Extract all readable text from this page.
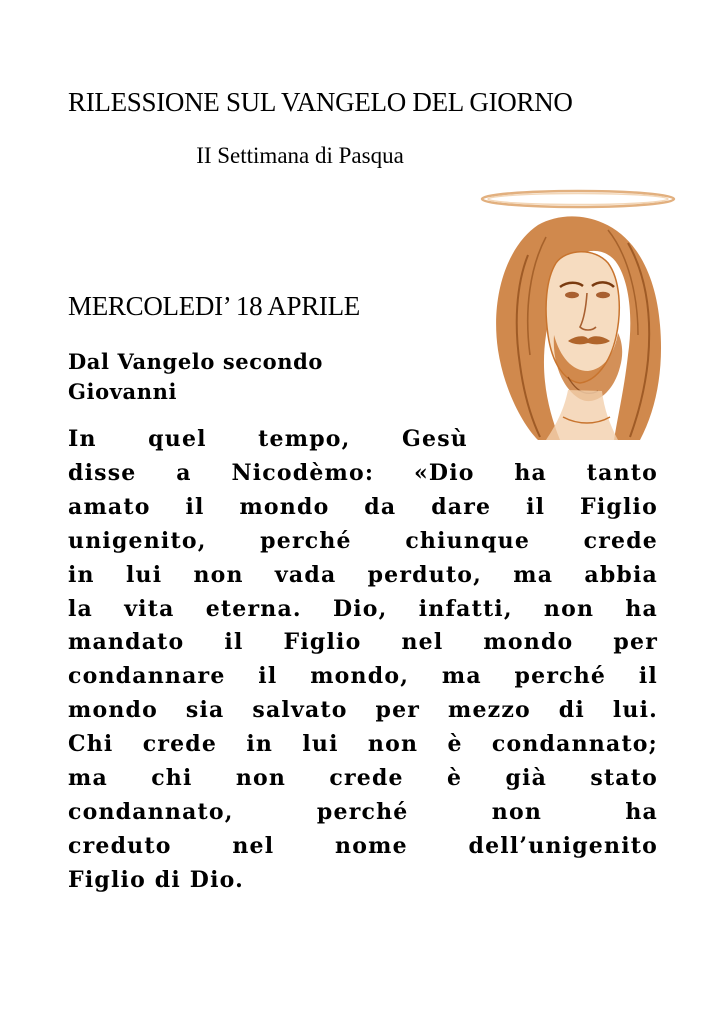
RILESSIONE SUL VANGELO DEL GIORNO
II Settimana di Pasqua
MERCOLEDI’ 18 APRILE
Dal Vangelo secondo Giovanni
In quel tempo, Gesù
disse a Nicodèmo: «Dio ha tanto
amato il mondo da dare il Figlio
unigenito, perché chiunque crede
in lui non vada perduto, ma abbia
la vita eterna. Dio, infatti, non ha
mandato il Figlio nel mondo per
condannare il mondo, ma perché il
mondo sia salvato per mezzo di lui.
Chi crede in lui non è condannato;
ma chi non crede è già stato
condannato, perché non ha
creduto nel nome dell’unigenito
Figlio di Dio.
